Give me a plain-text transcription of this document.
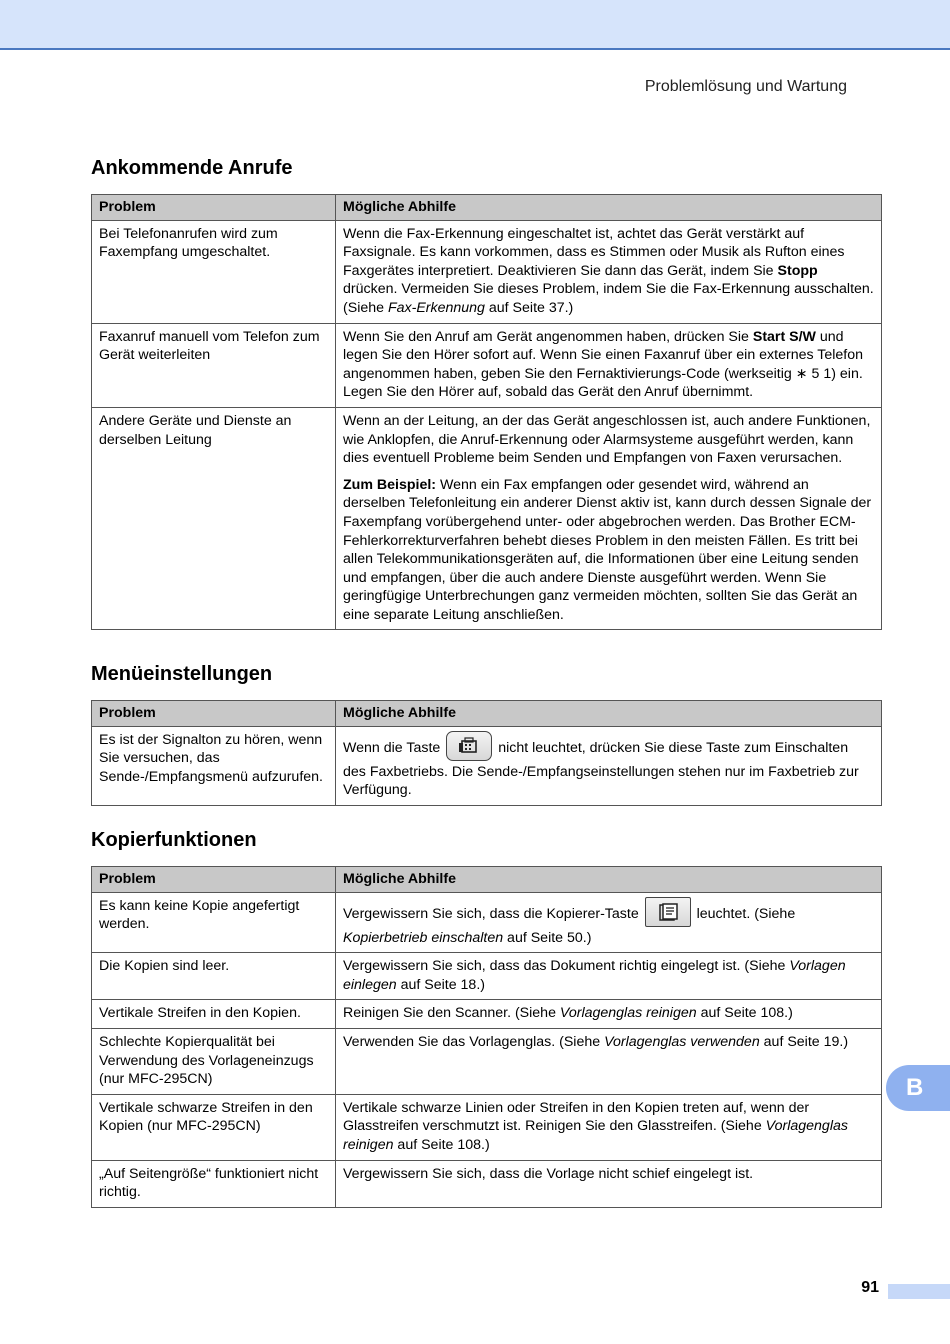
Problemlösung und Wartung
Ankommende Anrufe
Problem	Mögliche Abhilfe
Bei Telefonanrufen wird zum Faxempfang umgeschaltet.	Wenn die Fax-Erkennung eingeschaltet ist, achtet das Gerät verstärkt auf Faxsignale. Es kann vorkommen, dass es Stimmen oder Musik als Rufton eines Faxgerätes interpretiert. Deaktivieren Sie dann das Gerät, indem Sie Stopp drücken. Vermeiden Sie dieses Problem, indem Sie die Fax-Erkennung ausschalten. (Siehe Fax-Erkennung auf Seite 37.)
Faxanruf manuell vom Telefon zum Gerät weiterleiten	Wenn Sie den Anruf am Gerät angenommen haben, drücken Sie Start S/W und legen Sie den Hörer sofort auf. Wenn Sie einen Faxanruf über ein externes Telefon angenommen haben, geben Sie den Fernaktivierungs-Code (werkseitig ∗ 5 1) ein. Legen Sie den Hörer auf, sobald das Gerät den Anruf übernimmt.
Andere Geräte und Dienste an derselben Leitung	Wenn an der Leitung, an der das Gerät angeschlossen ist, auch andere Funktionen, wie Anklopfen, die Anruf-Erkennung oder Alarmsysteme ausgeführt werden, kann dies eventuell Probleme beim Senden und Empfangen von Faxen verursachen.

Zum Beispiel: Wenn ein Fax empfangen oder gesendet wird, während an derselben Telefonleitung ein anderer Dienst aktiv ist, kann durch dessen Signale der Faxempfang vorübergehend unter- oder abgebrochen werden. Das Brother ECM-Fehlerkorrekturverfahren behebt dieses Problem in den meisten Fällen. Es tritt bei allen Telekommunikationsgeräten auf, die Informationen über eine Leitung senden und empfangen, über die auch andere Dienste ausgeführt werden. Wenn Sie geringfügige Unterbrechungen ganz vermeiden möchten, sollten Sie das Gerät an eine separate Leitung anschließen.

Menüeinstellungen
Problem	Mögliche Abhilfe
Es ist der Signalton zu hören, wenn Sie versuchen, das Sende-/Empfangsmenü aufzurufen.	Wenn die Taste nicht leuchtet, drücken Sie diese Taste zum Einschalten des Faxbetriebs. Die Sende-/Empfangseinstellungen stehen nur im Faxbetrieb zur Verfügung.
Kopierfunktionen
Problem	Mögliche Abhilfe
Es kann keine Kopie angefertigt werden.	Vergewissern Sie sich, dass die Kopierer-Taste leuchtet. (Siehe
Kopierbetrieb einschalten auf Seite 50.)
Die Kopien sind leer.	Vergewissern Sie sich, dass das Dokument richtig eingelegt ist. (Siehe Vorlagen einlegen auf Seite 18.)
Vertikale Streifen in den Kopien.	Reinigen Sie den Scanner. (Siehe Vorlagenglas reinigen auf Seite 108.)
Schlechte Kopierqualität bei Verwendung des Vorlageneinzugs (nur MFC-295CN)	Verwenden Sie das Vorlagenglas. (Siehe Vorlagenglas verwenden auf Seite 19.)
Vertikale schwarze Streifen in den Kopien (nur MFC-295CN)	Vertikale schwarze Linien oder Streifen in den Kopien treten auf, wenn der Glasstreifen verschmutzt ist. Reinigen Sie den Glasstreifen. (Siehe Vorlagenglas reinigen auf Seite 108.)
„Auf Seitengröße“ funktioniert nicht richtig.	Vergewissern Sie sich, dass die Vorlage nicht schief eingelegt ist.
B
91
